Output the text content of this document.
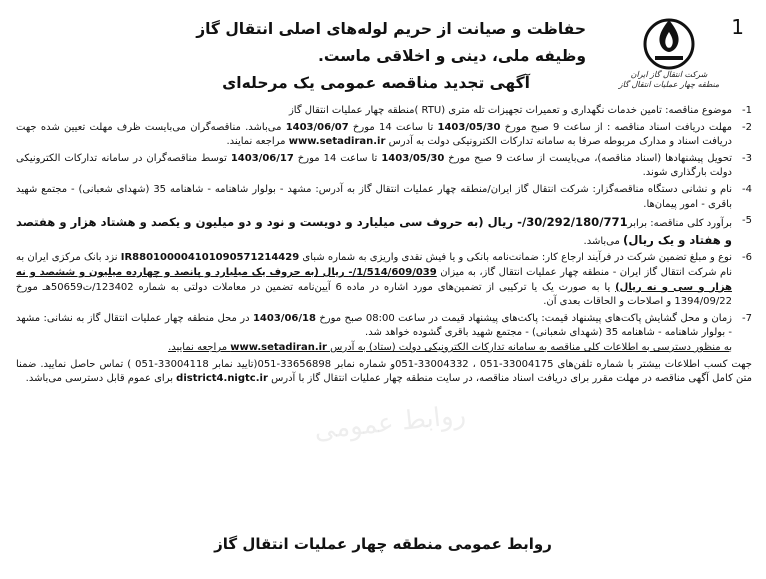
1
شرکت انتقال گاز ایران
منطقه چهار عملیات انتقال گاز

حفاظت و صیانت از حریم لوله‌های اصلی انتقال گاز

وظیفه ملی، دینی و اخلاقی ماست.

آگهی تجدید مناقصه عمومی یک مرحله‌ای

روابط عمومی
1-

موضوع مناقصه: تامین خدمات نگهداری و تعمیرات تجهیزات تله متری (RTU )منطقه چهار عملیات انتقال گاز

2-

مهلت دریافت اسناد مناقصه : از ساعت 9 صبح مورخ 1403/05/30 تا ساعت 14 مورخ 1403/06/07 می‌باشد. مناقصه‌گران می‌بایست ظرف مهلت تعیین شده جهت دریافت اسناد و مدارک مربوطه صرفا به سامانه تدارکات الکترونیکی دولت به آدرس www.setadiran.ir مراجعه نمایند.

3-

تحویل پیشنهادها (اسناد مناقصه)، می‌بایست از ساعت 9 صبح مورخ 1403/05/30 تا ساعت 14 مورخ 1403/06/17 توسط مناقصه‌گران در سامانه تدارکات الکترونیکی دولت بارگذاری شوند.

4-

نام و نشانی دستگاه مناقصه‌گزار: شرکت انتقال گاز ایران/منطقه چهار عملیات انتقال گاز به آدرس: مشهد - بولوار شاهنامه - شاهنامه 35 (شهدای شعبانی) - مجتمع شهید باقری - امور پیمان‌ها.

5-

برآورد کلی مناقصه: برابر30/292/180/771/- ریال (به حروف سی میلیارد و دویست و نود و دو میلیون و یکصد و هشتاد هزار و هفتصد و هفتاد و یک ریال) می‌باشد.

6-

نوع و مبلغ تضمین شرکت در فرآیند ارجاع کار: ضمانت‌نامه بانکی و یا فیش نقدی واریزی به شماره شبای IR880100004101090571214429 نزد بانک مرکزی ایران به نام شرکت انتقال گاز ایران - منطقه چهار عملیات انتقال گاز، به میزان 1/514/609/039/- ریال (به حروف یک میلیارد و پانصد و چهارده میلیون و ششصد و نه هزار و سی و نه ریال) یا به صورت یک یا ترکیبی از تضمین‌های مورد اشاره در ماده 6 آیین‌نامه تضمین در معاملات دولتی به شماره 123402/ت50659هـ مورخ 1394/09/22 و اصلاحات و الحاقات بعدی آن.

7-

زمان و محل گشایش پاکت‌های پیشنهاد قیمت: پاکت‌های پیشنهاد قیمت در ساعت 08:00 صبح مورخ 1403/06/18 در محل منطقه چهار عملیات انتقال گاز به نشانی: مشهد - بولوار شاهنامه - شاهنامه 35 (شهدای شعبانی) - مجتمع شهید باقری گشوده خواهد شد.

به منظور دسترسی به اطلاعات کلی مناقصه به سامانه تدارکات الکترونیکی دولت (ستاد) به آدرس www.setadiran.ir مراجعه نمایید.

جهت کسب اطلاعات بیشتر با شماره تلفن‌های 33004175-051 ، 33004332-051و شماره نمابر 33656898-051(تایید نمابر 33004118-051 ) تماس حاصل نمایید. ضمنا متن کامل آگهی مناقصه در مهلت مقرر برای دریافت اسناد مناقصه، در سایت منطقه چهار عملیات انتقال گاز با آدرس district4.nigtc.ir برای عموم قابل دسترسی می‌باشد.
روابط عمومی منطقه چهار عملیات انتقال گاز
